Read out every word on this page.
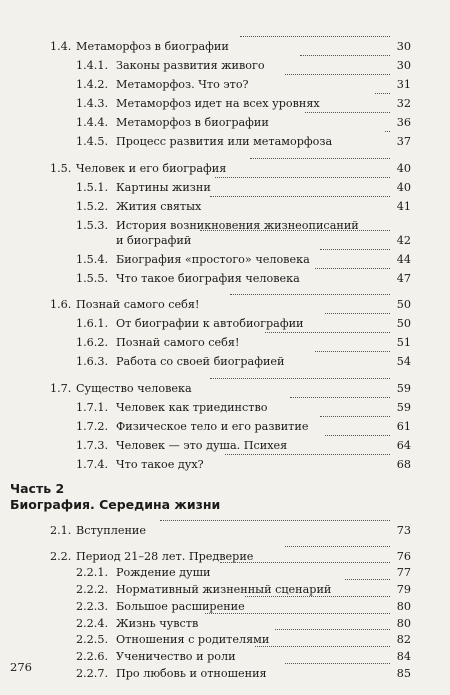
1.4. Метаморфоз в биографии	30
1.4.1. Законы развития живого	30
1.4.2. Метаморфоз. Что это?	31
1.4.3. Метаморфоз идет на всех уровнях	32
1.4.4. Метаморфоз в биографии	36
1.4.5. Процесс развития или метаморфоза	37
1.5. Человек и его биография	40
1.5.1. Картины жизни	40
1.5.2. Жития святых	41
1.5.3. История возникновения жизнеописаний
и биографий	42
1.5.4. Биография «простого» человека	44
1.5.5. Что такое биография человека	47
1.6. Познай самого себя!	50
1.6.1. От биографии к автобиографии	50
1.6.2. Познай самого себя!	51
1.6.3. Работа со своей биографией	54
1.7. Существо человека	59
1.7.1. Человек как триединство	59
1.7.2. Физическое тело и его развитие	61
1.7.3. Человек — это душа. Психея	64
1.7.4. Что такое дух?	68
Часть 2
Биография. Середина жизни
2.1. Вступление	73
2.2. Период 21–28 лет. Предверие	76
2.2.1. Рождение души	77
2.2.2. Нормативный жизненный сценарий	79
2.2.3. Большое расширение	80
2.2.4. Жизнь чувств	80
2.2.5. Отношения с родителями	82
2.2.6. Ученичество и роли	84
2.2.7. Про любовь и отношения	85
276
